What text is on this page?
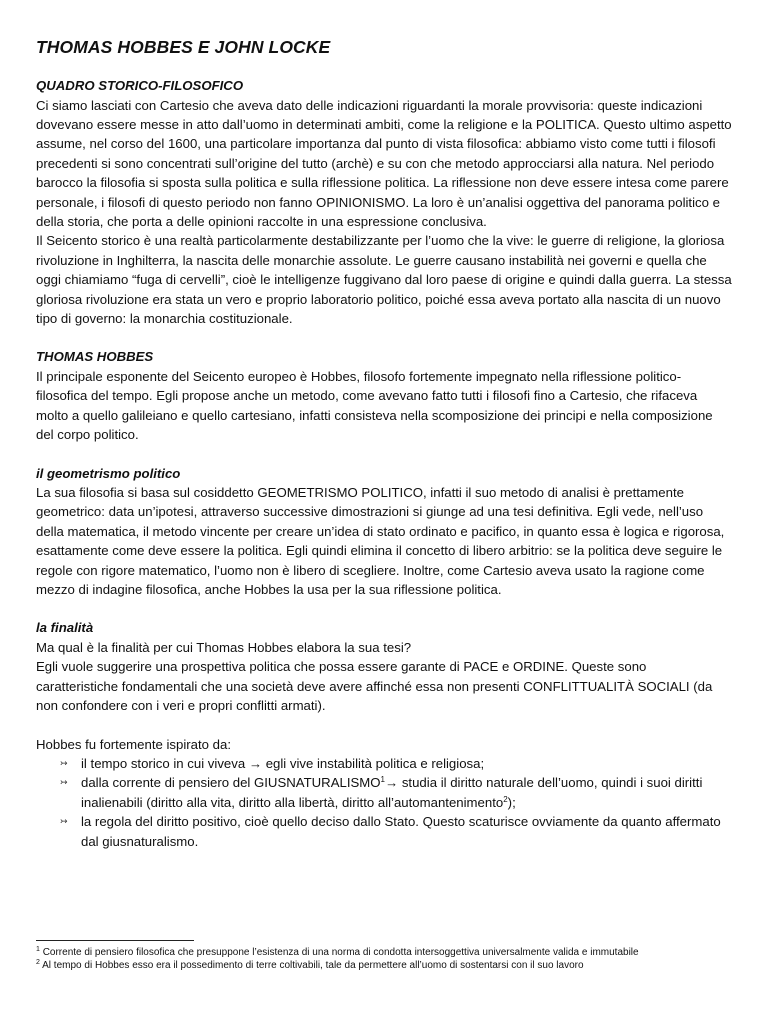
THOMAS HOBBES E JOHN LOCKE
QUADRO STORICO-FILOSOFICO

Ci siamo lasciati con Cartesio che aveva dato delle indicazioni riguardanti la morale provvisoria: queste indicazioni dovevano essere messe in atto dall’uomo in determinati ambiti, come la religione e la POLITICA. Questo ultimo aspetto assume, nel corso del 1600, una particolare importanza dal punto di vista filosofica: abbiamo visto come tutti i filosofi precedenti si sono concentrati sull’origine del tutto (archè) e su con che metodo approcciarsi alla natura. Nel periodo barocco la filosofia si sposta sulla politica e sulla riflessione politica. La riflessione non deve essere intesa come parere personale, i filosofi di questo periodo non fanno OPINIONISMO. La loro è un’analisi oggettiva del panorama politico e della storia, che porta a delle opinioni raccolte in una espressione conclusiva.

Il Seicento storico è una realtà particolarmente destabilizzante per l’uomo che la vive: le guerre di religione, la gloriosa rivoluzione in Inghilterra, la nascita delle monarchie assolute. Le guerre causano instabilità nei governi e quella che oggi chiamiamo “fuga di cervelli”, cioè le intelligenze fuggivano dal loro paese di origine e quindi dalla guerra. La stessa gloriosa rivoluzione era stata un vero e proprio laboratorio politico, poiché essa aveva portato alla nascita di un nuovo tipo di governo: la monarchia costituzionale.

THOMAS HOBBES

Il principale esponente del Seicento europeo è Hobbes, filosofo fortemente impegnato nella riflessione politico-filosofica del tempo. Egli propose anche un metodo, come avevano fatto tutti i filosofi fino a Cartesio, che rifaceva molto a quello galileiano e quello cartesiano, infatti consisteva nella scomposizione dei principi e nella composizione del corpo politico.

il geometrismo politico

La sua filosofia si basa sul cosiddetto GEOMETRISMO POLITICO, infatti il suo metodo di analisi è prettamente geometrico: data un’ipotesi, attraverso successive dimostrazioni si giunge ad una tesi definitiva. Egli vede, nell’uso della matematica, il metodo vincente per creare un’idea di stato ordinato e pacifico, in quanto essa è logica e rigorosa, esattamente come deve essere la politica. Egli quindi elimina il concetto di libero arbitrio: se la politica deve seguire le regole con rigore matematico, l’uomo non è libero di scegliere. Inoltre, come Cartesio aveva usato la ragione come mezzo di indagine filosofica, anche Hobbes la usa per la sua riflessione politica.

la finalità

Ma qual è la finalità per cui Thomas Hobbes elabora la sua tesi?

Egli vuole suggerire una prospettiva politica che possa essere garante di PACE e ORDINE. Queste sono caratteristiche fondamentali che una società deve avere affinché essa non presenti CONFLITTUALITÀ SOCIALI (da non confondere con i veri e propri conflitti armati).

Hobbes fu fortemente ispirato da:

↣ il tempo storico in cui viveva → egli vive instabilità politica e religiosa;
↣ dalla corrente di pensiero del $GIUSNATURALISMO^1\to$ studia il diritto naturale dell’uomo, quindi i suoi diritti inalienabili (diritto alla vita, diritto alla libertà, diritto all’automantenimento$^2$);
↣ la regola del diritto positivo, cioè quello deciso dallo Stato. Questo scaturisce ovviamente da quanto affermato dal giusnaturalismo.

$^1$ Corrente di pensiero filosofica che presuppone l’esistenza di una norma di condotta intersoggettiva universalmente valida e immutabile

$^2$ Al tempo di Hobbes esso era il possedimento di terre coltivabili, tale da permettere all’uomo di sostentarsi con il suo lavoro
